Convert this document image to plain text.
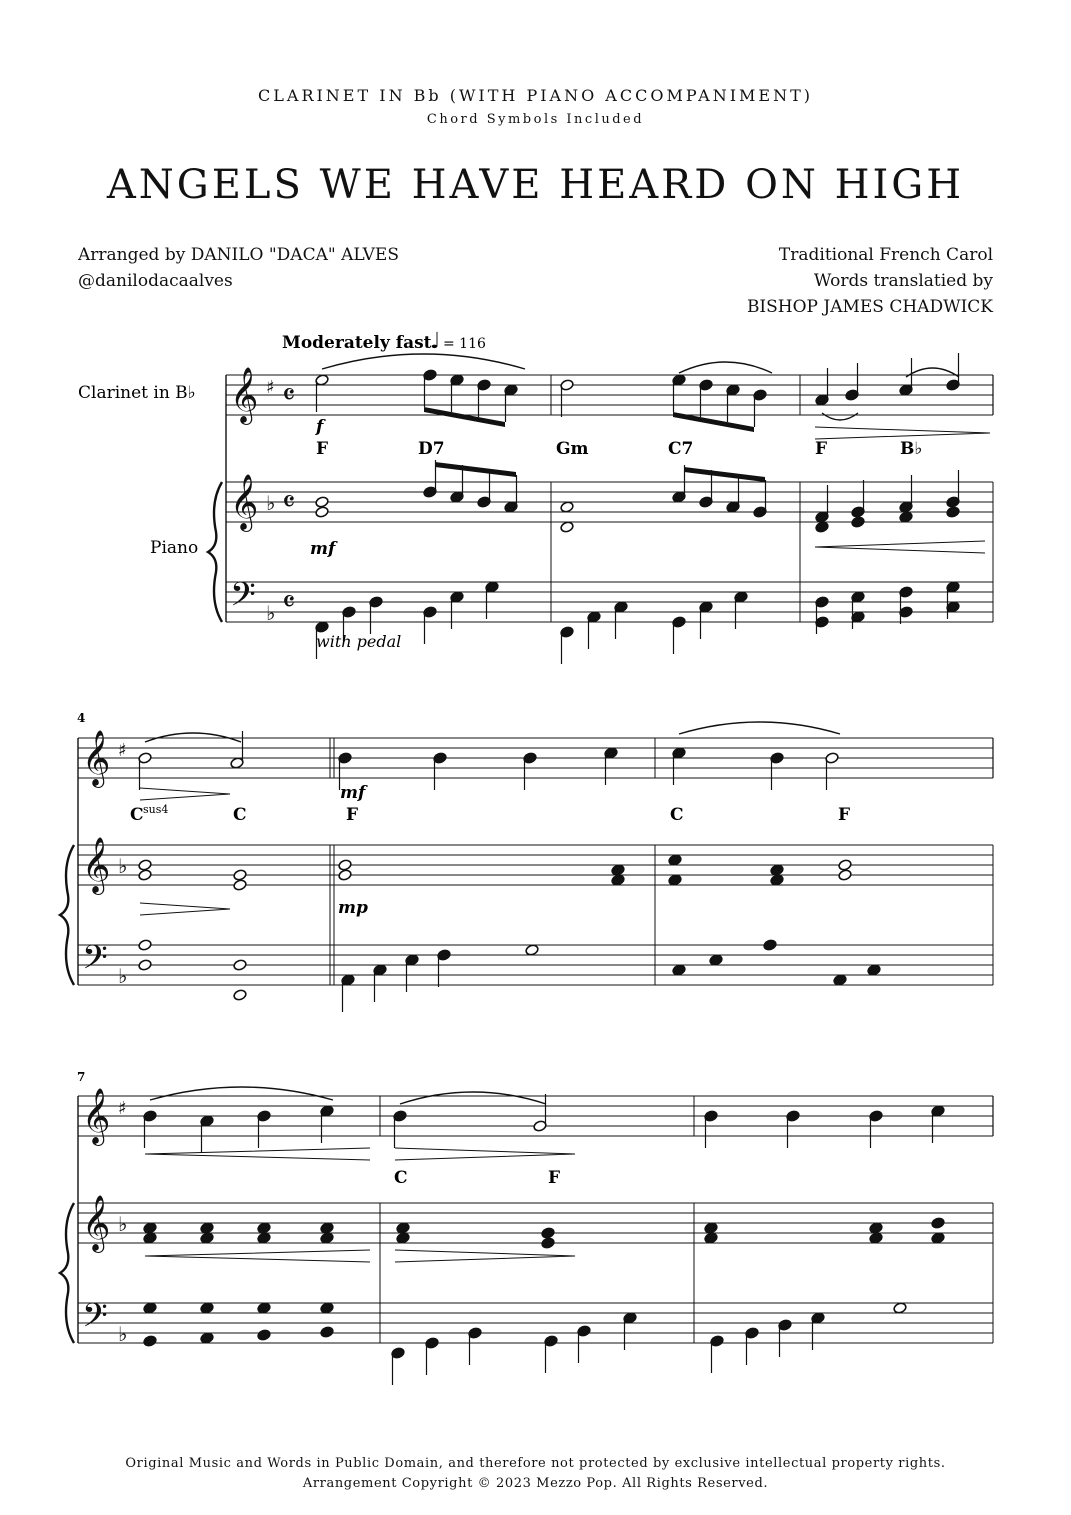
CLARINET IN Bb (WITH PIANO ACCOMPANIMENT)
Chord Symbols Included
ANGELS WE HAVE HEARD ON HIGH
Arranged by DANILO "DACA" ALVES
@danilodacaalves
Traditional French Carol
Words translatied by
BISHOP JAMES CHADWICK
𝄞
𝄞
𝄢
♯
♭
♭
𝄴
𝄴
𝄴
𝄞
𝄞
𝄢
♯
♭
♭
𝄞
𝄞
𝄢
♯
♭
♭
Moderately fast
♩ = 116
Clarinet in B♭
Piano
f
mf
with pedal
F	D7	Gm	C7	F	B♭
4
C sus4	C	F	C	F
mf
mp
7
C	F
Original Music and Words in Public Domain, and therefore not protected by exclusive intellectual property rights.
Arrangement Copyright © 2023 Mezzo Pop. All Rights Reserved.
